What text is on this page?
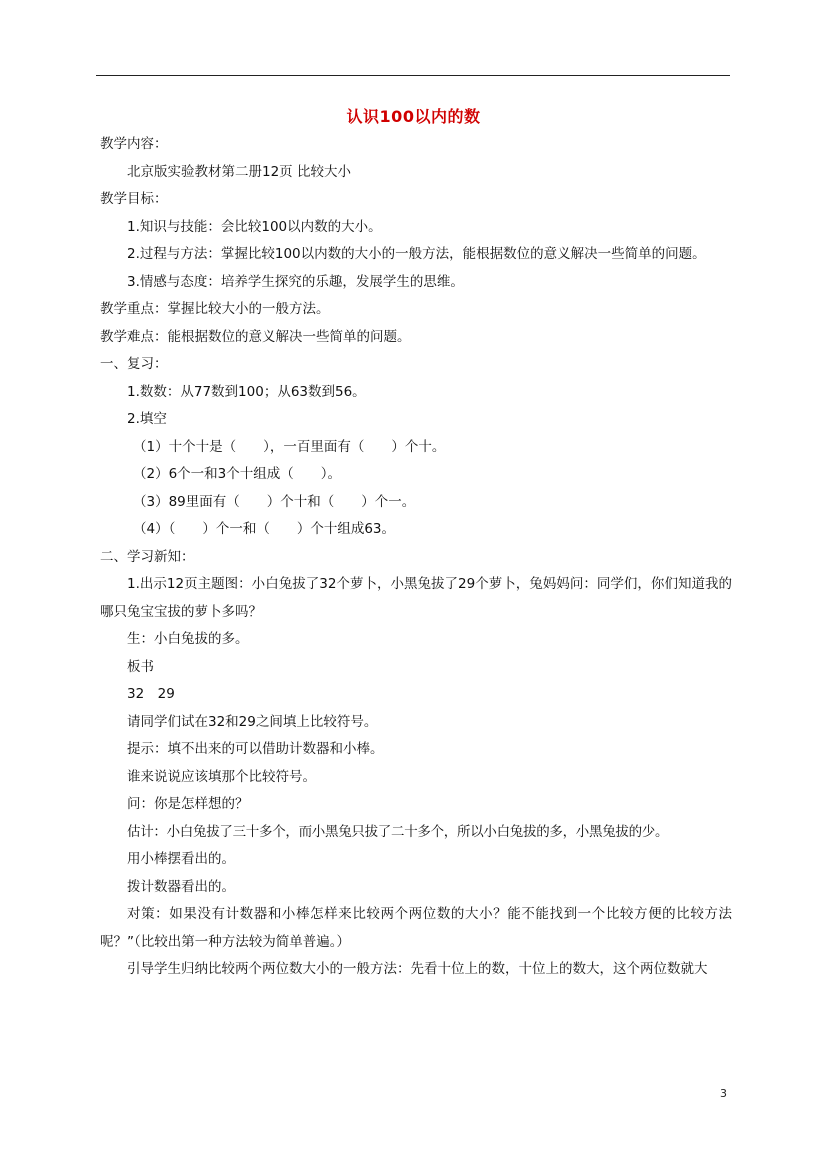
认识100以内的数
教学内容：
北京版实验教材第二册12页 比较大小
教学目标：
1.知识与技能：会比较100以内数的大小。
2.过程与方法：掌握比较100以内数的大小的一般方法，能根据数位的意义解决一些简单的问题。
3.情感与态度：培养学生探究的乐趣，发展学生的思维。
教学重点：掌握比较大小的一般方法。
教学难点：能根据数位的意义解决一些简单的问题。
一、复习：
1.数数：从77数到100；从63数到56。
2.填空
（1）十个十是（　　），一百里面有（　　）个十。
（2）6个一和3个十组成（　　）。
（3）89里面有（　　）个十和（　　）个一。
（4）（　　）个一和（　　）个十组成63。
二、学习新知：
1.出示12页主题图：小白兔拔了32个萝卜，小黑兔拔了29个萝卜，兔妈妈问：同学们，你们知道我的哪只兔宝宝拔的萝卜多吗？
生：小白兔拔的多。
板书
32　29
请同学们试在32和29之间填上比较符号。
提示：填不出来的可以借助计数器和小棒。
谁来说说应该填那个比较符号。
问：你是怎样想的？
估计：小白兔拔了三十多个，而小黑兔只拔了二十多个，所以小白兔拔的多，小黑兔拔的少。
用小棒摆看出的。
拨计数器看出的。
对策：如果没有计数器和小棒怎样来比较两个两位数的大小？能不能找到一个比较方便的比较方法呢？”（比较出第一种方法较为简单普遍。）
引导学生归纳比较两个两位数大小的一般方法：先看十位上的数，十位上的数大，这个两位数就大
3
